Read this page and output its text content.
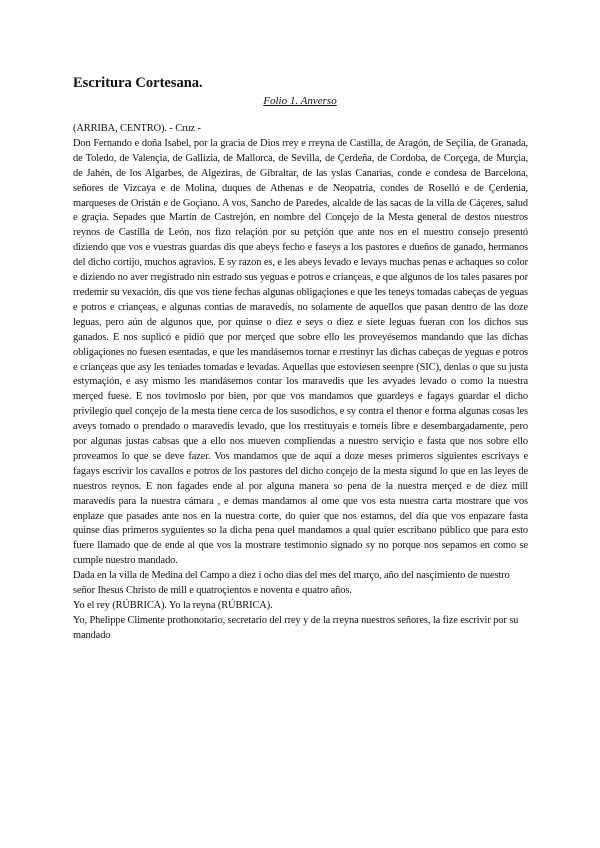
Escritura Cortesana.
Folio 1. Anverso

(ARRIBA, CENTRO). - Cruz -

Don Fernando e doña Isabel, por la gracia de Dios rrey e rreyna de Castilla, de Aragón, de Seçilia, de Granada, de Toledo, de Valençia, de Gallizia, de Mallorca, de Sevilla, de Çerdeña, de Cordoba, de Corçega, de Murçia, de Jahén, de los Algarbes, de Algeziras, de Gibraltar, de las yslas Canarias, conde e condesa de Barcelona, señores de Vizcaya e de Molina, duques de Athenas e de Neopatria, condes de Roselló e de Çerdenia, marqueses de Oristán e de Goçiano. A vos, Sancho de Paredes, alcalde de las sacas de la villa de Cáçeres, salud e graçia. Sepades que Martín de Castrejón, en nombre del Conçejo de la Mesta general de destos nuestros reynos de Castilla de León, nos fizo relaçión por su petçión que ante nos en el nuestro consejo presentó diziendo que vos e vuestras guardas dis que abeys fecho e faseys a los pastores e dueños de ganado, hermanos del dicho cortijo, muchos agravios. E sy razon es, e les abeys levado e levays muchas penas e achaques so color e diziendo no aver rregistrado nin estrado sus yeguas e potros e criançeas, e que algunos de los tales pasares por rredemir su vexación, dis que vos tiene fechas algunas obligaçiones e que les teneys tomadas cabeças de yeguas e potros e criançeas, e algunas contias de maravedís, no solamente de aquellos que pasan dentro de las doze leguas, pero aún de algunos que, por quinse o diez e seys o diez e siete leguas fueran con los dichos sus ganados. E nos suplicó e pidió que por merçed que sobre ello les proveyésemos mandando que las dichas obligaçiones no fuesen esentadas, e que les mandásemos tornar e rrestinyr las dichas cabeças de yeguas e potros e criançeas que asy les teniades tomadas e levadas. Aquellas que estoviesen seenpre (SIC), denlas o que su justa estymaçión, e asy mismo les mandásemos contar los maravedis que les avyades levado o como la nuestra merçed fuese. E nos tovimoslo por bien, por que vos mandamos que guardeys e fagays guardar el dicho privilegio quel conçejo de la mesta tiene cerca de los susodichos, e sy contra el thenor e forma algunas cosas les aveys tomado o prendado o maravedis levado, que los rrestituyais e torneis libre e desembargadamente, pero por algunas justas cabsas que a ello nos mueven compliendas a nuestro serviçio e fasta que nos sobre ello proveamos lo que se deve fazer. Vos mandamos que de aquí a doze meses primeros siguientes escrivays e fagays escrivir los cavallos e potros de los pastores del dicho conçejo de la mesta sigund lo que en las leyes de nuestros reynos. E non fagades ende al por alguna manera so pena de la nuestra merçed e de diez mill maravedís para la nuestra cámara , e demas mandamos al ome que vos esta nuestra carta mostrare que vos enplaze que pasades ante nos en la nuestra corte, do quier que nos estamos, del día que vos enpazare fasta quinse dias primeros syguientes so la dicha pena quel mandamos a qual quier escribano público que para esto fuere llamado que de ende al que vos la mostrare testimonio signado sy no porque nos sepamos en como se cumple nuestro mandado.

Dada en la villa de Medina del Campo a diez i ocho dias del mes del março, año del nasçimiento de nuestro señor Ihesus Christo de mill e quatroçientos e noventa e quatro años.

Yo el rey (RÚBRICA). Yo la reyna (RÚBRICA).

Yo, Phelippe Climente prothonotario, secretario del rrey y de la rreyna nuestros señores, la fize escrivir por su mandado
